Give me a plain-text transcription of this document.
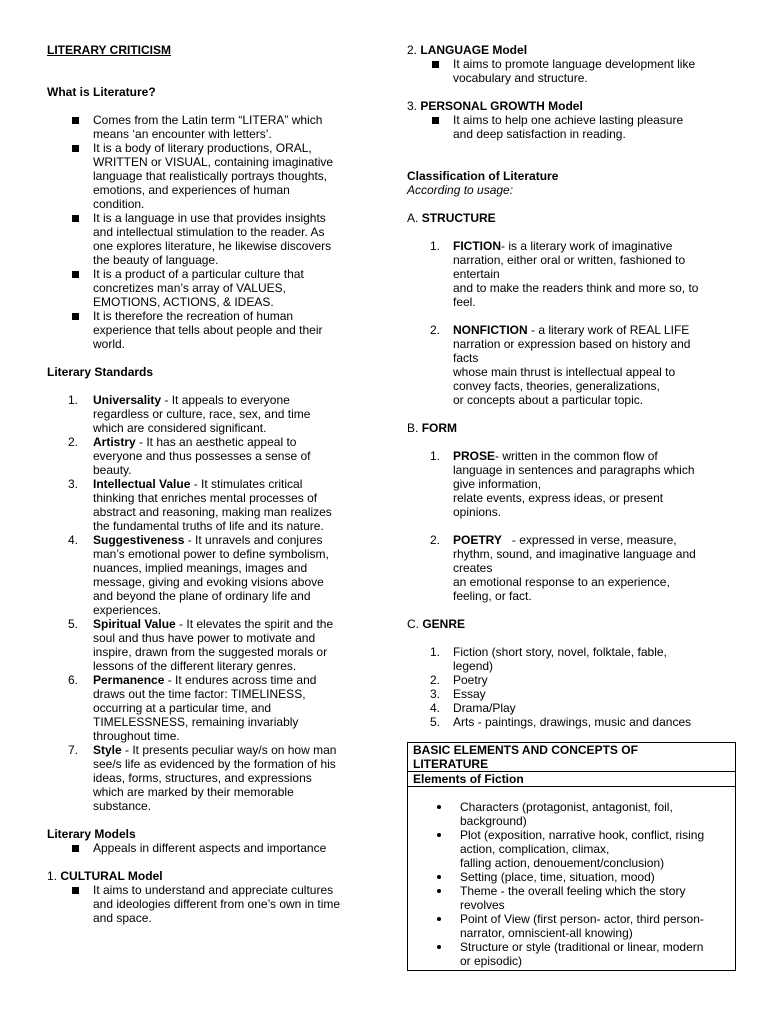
LITERARY CRITICISM
What is Literature?
Comes from the Latin term “LITERA” which
means ‘an encounter with letters’.
It is a body of literary productions, ORAL,
WRITTEN or VISUAL, containing imaginative
language that realistically portrays thoughts,
emotions, and experiences of human
condition.
It is a language in use that provides insights
and intellectual stimulation to the reader. As
one explores literature, he likewise discovers
the beauty of language.
It is a product of a particular culture that
concretizes man’s array of VALUES,
EMOTIONS, ACTIONS, & IDEAS.
It is therefore the recreation of human
experience that tells about people and their
world.
Literary Standards
1. Universality - It appeals to everyone
regardless or culture, race, sex, and time
which are considered significant.
2. Artistry - It has an aesthetic appeal to
everyone and thus possesses a sense of
beauty.
3. Intellectual Value - It stimulates critical
thinking that enriches mental processes of
abstract and reasoning, making man realizes
the fundamental truths of life and its nature.
4. Suggestiveness - It unravels and conjures
man’s emotional power to define symbolism,
nuances, implied meanings, images and
message, giving and evoking visions above
and beyond the plane of ordinary life and
experiences.
5. Spiritual Value - It elevates the spirit and the
soul and thus have power to motivate and
inspire, drawn from the suggested morals or
lessons of the different literary genres.
6. Permanence - It endures across time and
draws out the time factor: TIMELINESS,
occurring at a particular time, and
TIMELESSNESS, remaining invariably
throughout time.
7. Style - It presents peculiar way/s on how man
see/s life as evidenced by the formation of his
ideas, forms, structures, and expressions
which are marked by their memorable
substance.
Literary Models
Appeals in different aspects and importance
1. CULTURAL Model
It aims to understand and appreciate cultures
and ideologies different from one’s own in time
and space.
2. LANGUAGE Model
It aims to promote language development like
vocabulary and structure.
3. PERSONAL GROWTH Model
It aims to help one achieve lasting pleasure
and deep satisfaction in reading.
Classification of Literature
According to usage:
A. STRUCTURE
1. FICTION- is a literary work of imaginative
narration, either oral or written, fashioned to
entertain
and to make the readers think and more so, to
feel.
2. NONFICTION - a literary work of REAL LIFE
narration or expression based on history and
facts
whose main thrust is intellectual appeal to
convey facts, theories, generalizations,
or concepts about a particular topic.
B. FORM
1. PROSE- written in the common flow of
language in sentences and paragraphs which
give information,
relate events, express ideas, or present
opinions.
2. POETRY   - expressed in verse, measure,
rhythm, sound, and imaginative language and
creates
an emotional response to an experience,
feeling, or fact.
C. GENRE
1. Fiction (short story, novel, folktale, fable,
legend)
2. Poetry
3. Essay
4. Drama/Play
5. Arts - paintings, drawings, music and dances
BASIC ELEMENTS AND CONCEPTS OF
LITERATURE
Elements of Fiction
Characters (protagonist, antagonist, foil,
background)
Plot (exposition, narrative hook, conflict, rising
action, complication, climax,
falling action, denouement/conclusion)
Setting (place, time, situation, mood)
Theme - the overall feeling which the story
revolves
Point of View (first person- actor, third person-
narrator, omniscient-all knowing)
Structure or style (traditional or linear, modern
or episodic)
